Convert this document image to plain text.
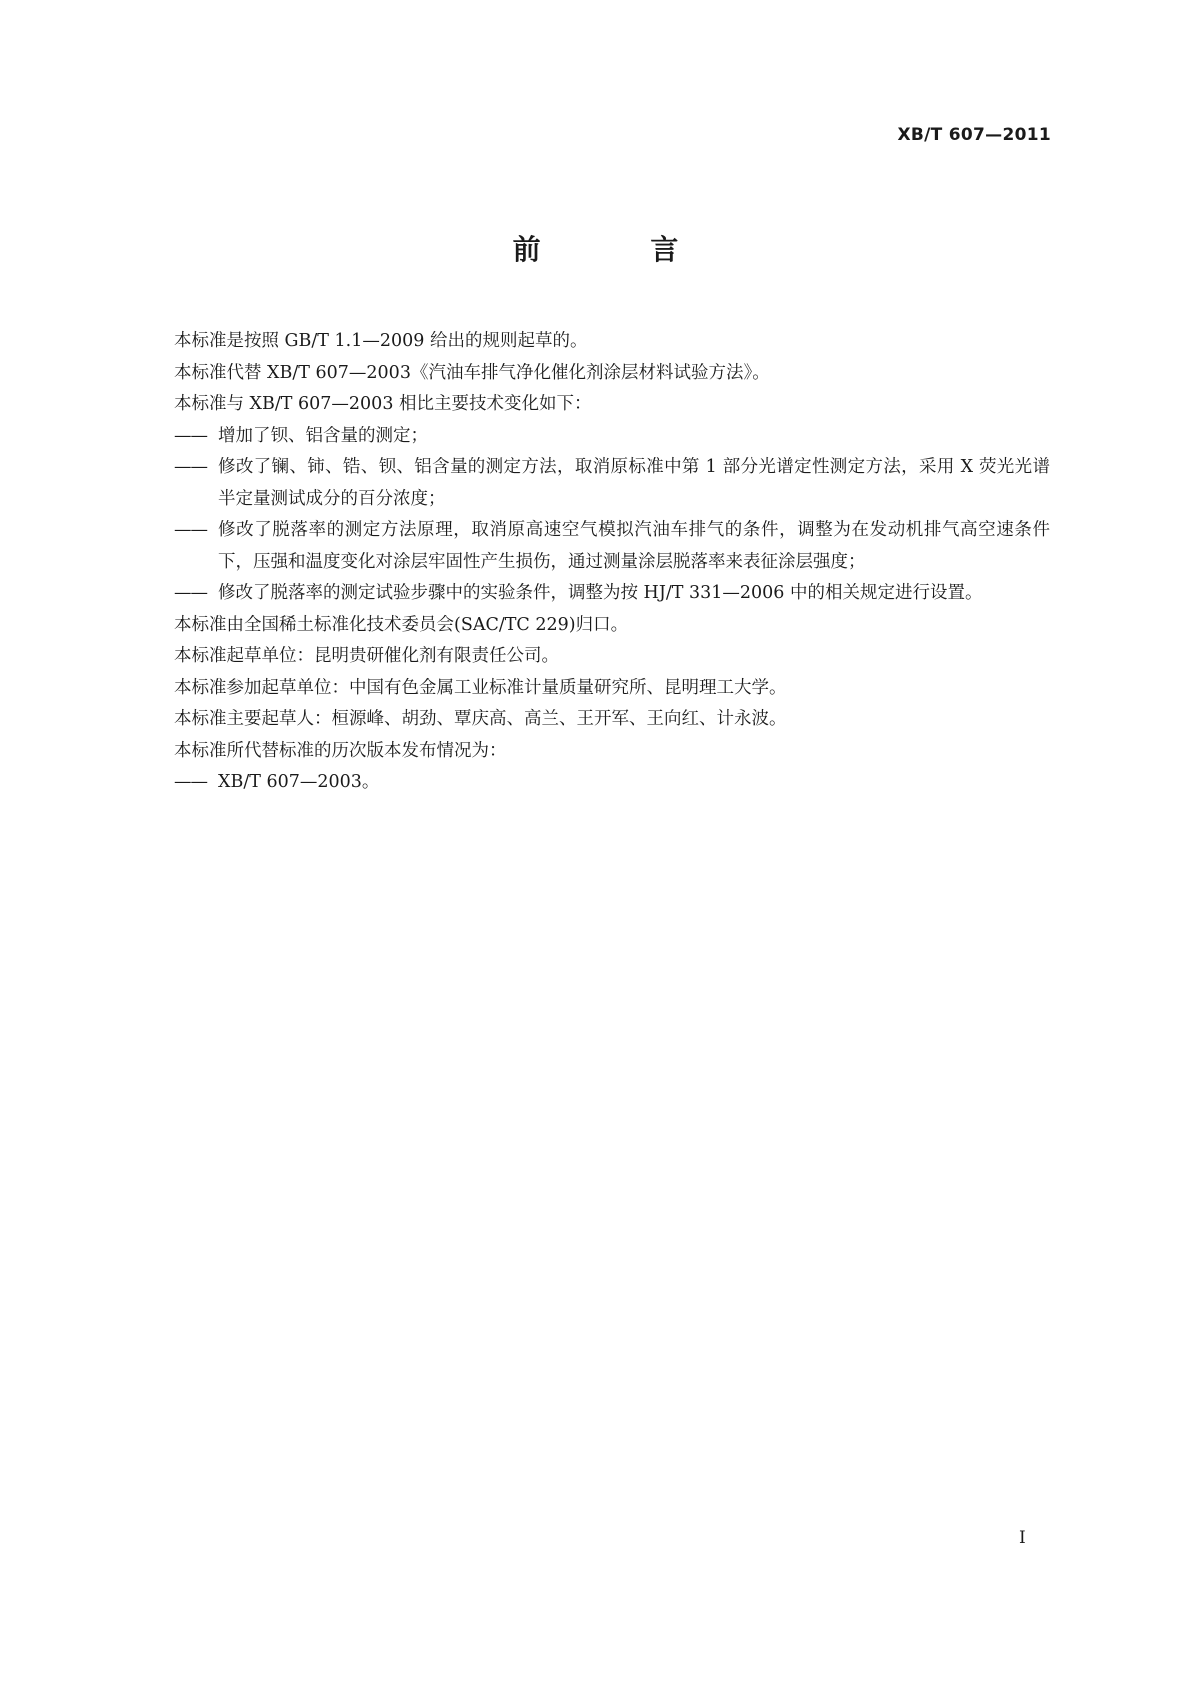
XB/T 607—2011
前 言

本标准是按照 GB/T 1.1—2009 给出的规则起草的。

本标准代替 XB/T 607—2003《汽油车排气净化催化剂涂层材料试验方法》。

本标准与 XB/T 607—2003 相比主要技术变化如下：

—— 增加了钡、铝含量的测定；
—— 修改了镧、铈、锆、钡、铝含量的测定方法，取消原标准中第 1 部分光谱定性测定方法，采用 X 荧光光谱半定量测试成分的百分浓度；
—— 修改了脱落率的测定方法原理，取消原高速空气模拟汽油车排气的条件，调整为在发动机排气高空速条件下，压强和温度变化对涂层牢固性产生损伤，通过测量涂层脱落率来表征涂层强度；
—— 修改了脱落率的测定试验步骤中的实验条件，调整为按 HJ/T 331—2006 中的相关规定进行设置。

本标准由全国稀土标准化技术委员会(SAC/TC 229)归口。

本标准起草单位：昆明贵研催化剂有限责任公司。

本标准参加起草单位：中国有色金属工业标准计量质量研究所、昆明理工大学。

本标准主要起草人：桓源峰、胡劲、覃庆高、高兰、王开军、王向红、计永波。

本标准所代替标准的历次版本发布情况为：

—— XB/T 607—2003。
I
